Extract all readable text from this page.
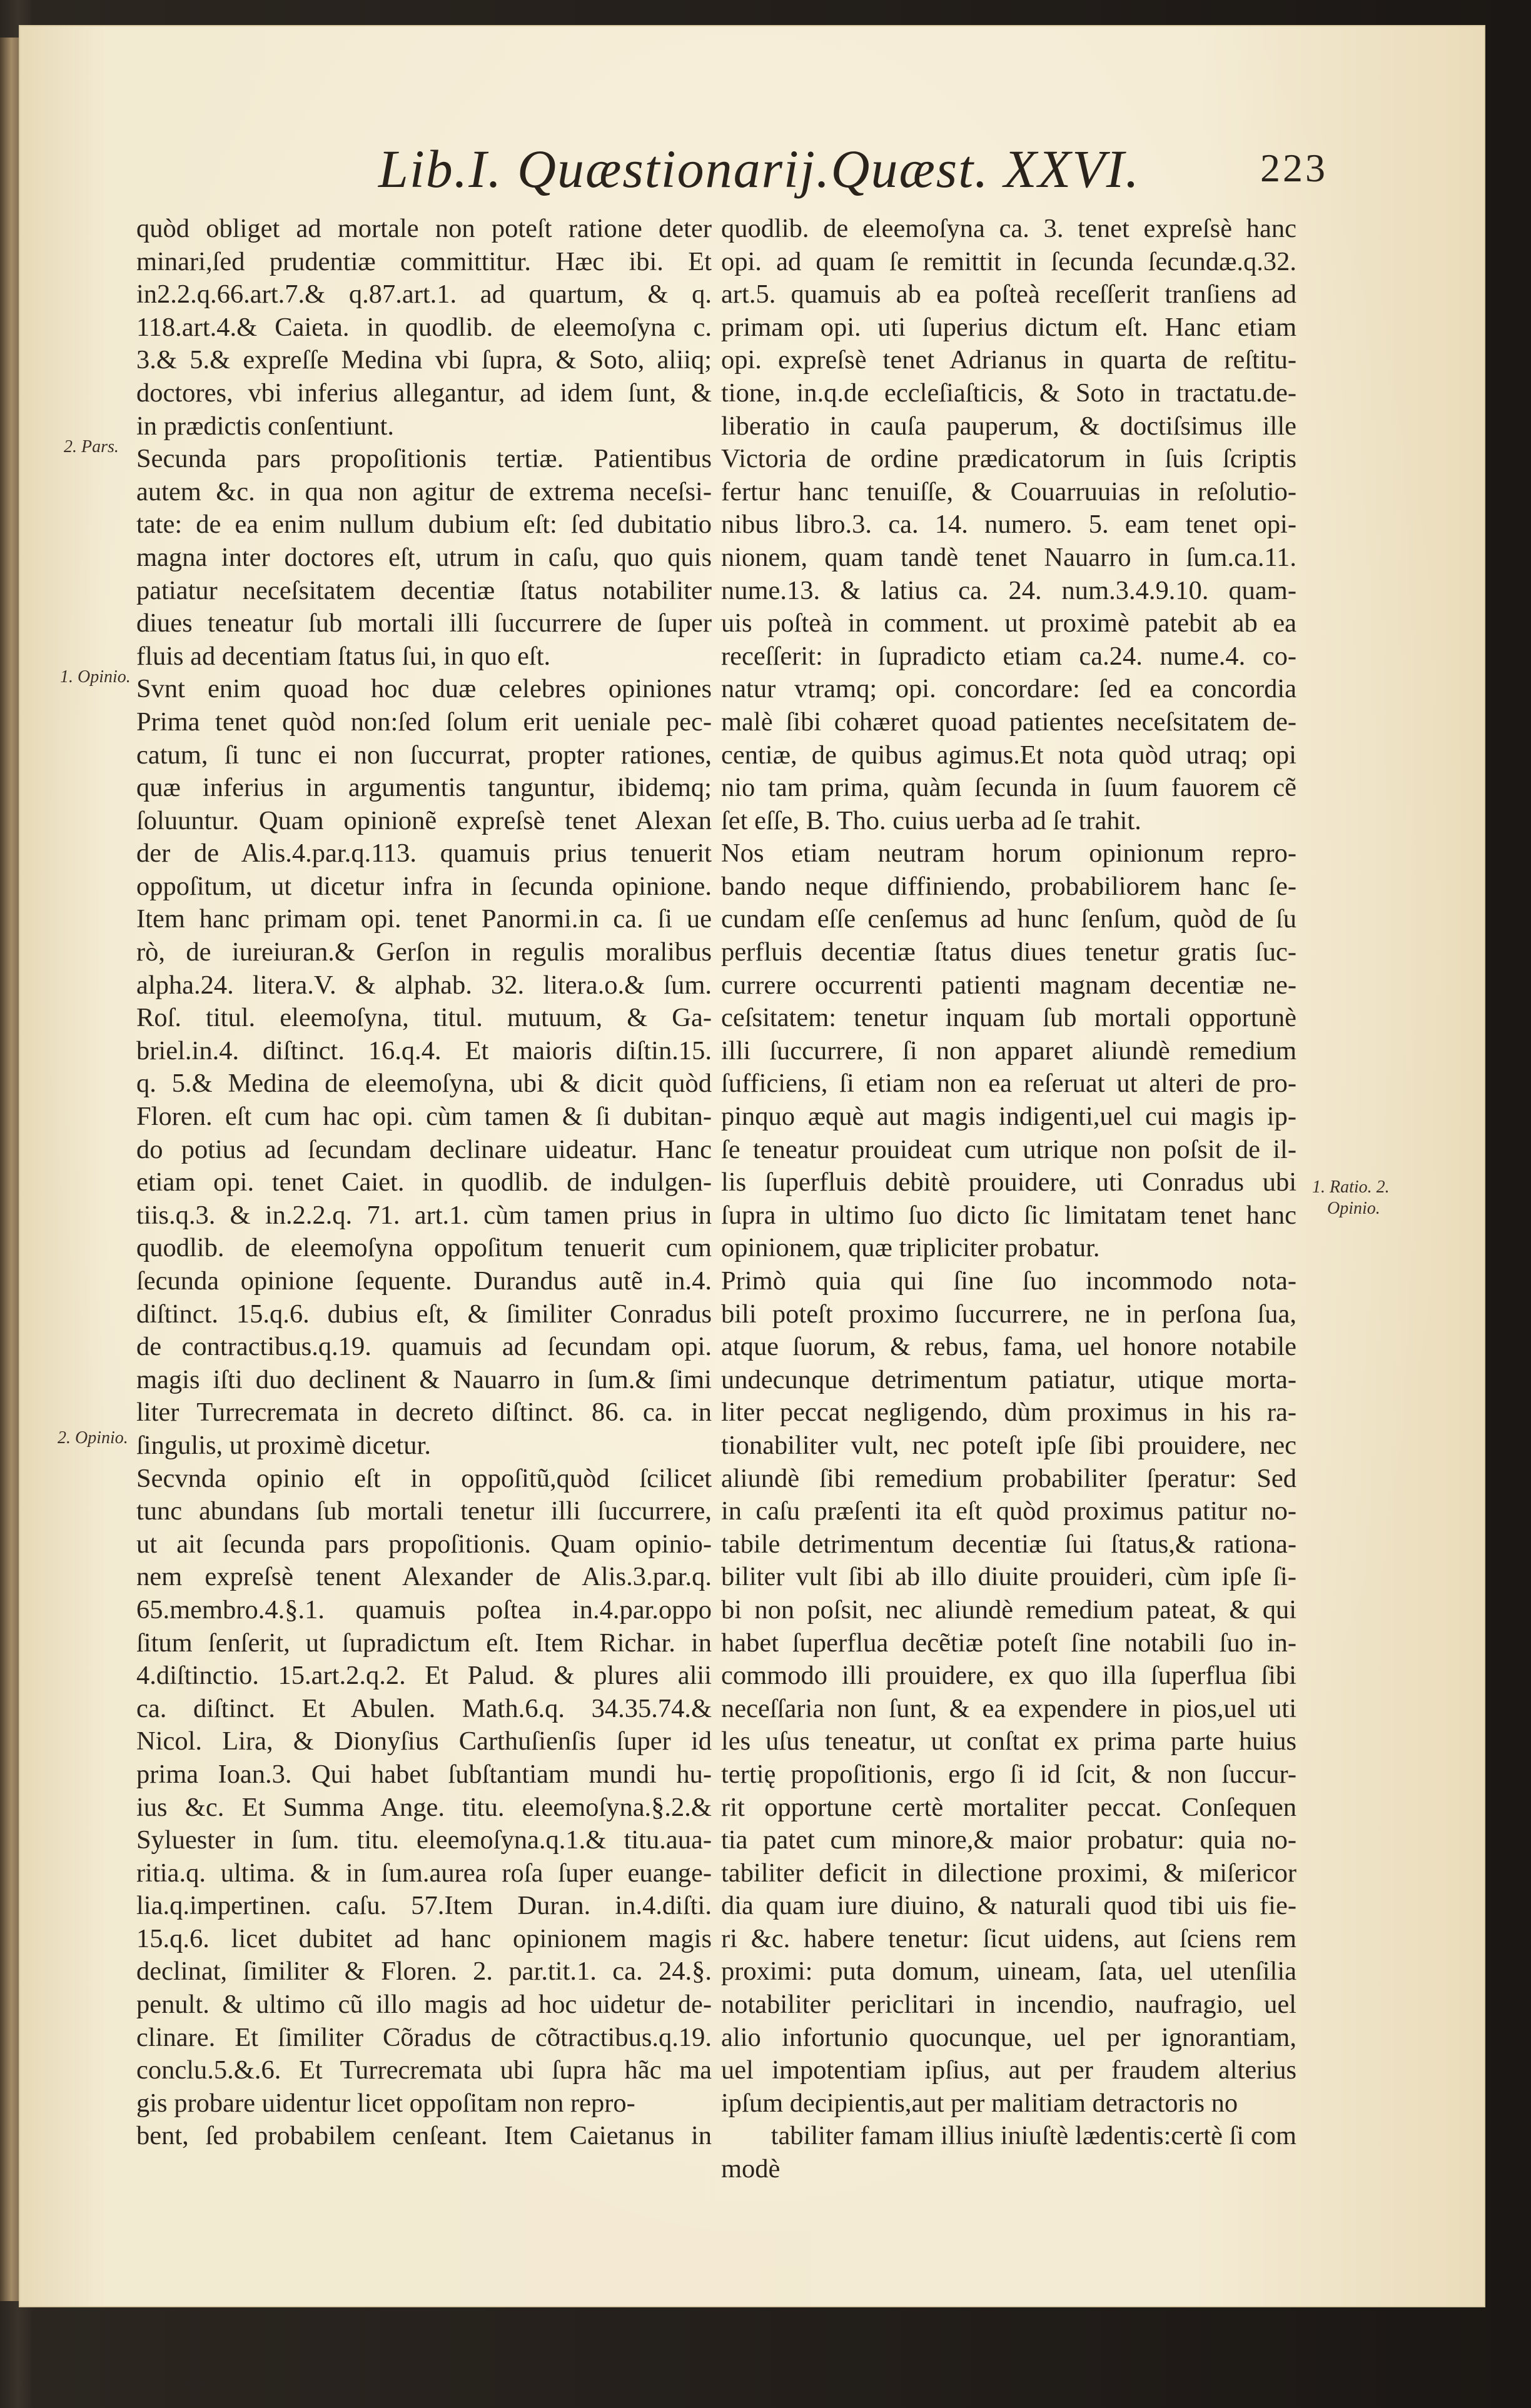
Lib.I. Quæstionarij.Quæst. XXVI.	223
2. Pars.
1. Opinio.
2. Opinio.
1. Ratio. 2.
Opinio.
quòd obliget ad mortale non poteſt ratione deter
minari,ſed prudentiæ committitur. Hæc ibi. Et
in2.2.q.66.art.7.& q.87.art.1. ad quartum, & q.
118.art.4.& Caieta. in quodlib. de eleemoſyna c.
3.& 5.& expreſſe Medina vbi ſupra, & Soto, aliiq;
doctores, vbi inferius allegantur, ad idem ſunt, &
in prædictis conſentiunt.
Secunda pars propoſitionis tertiæ. Patientibus
autem &c. in qua non agitur de extrema neceſsi-
tate: de ea enim nullum dubium eſt: ſed dubitatio
magna inter doctores eſt, utrum in caſu, quo quis
patiatur neceſsitatem decentiæ ſtatus notabiliter
diues teneatur ſub mortali illi ſuccurrere de ſuper
fluis ad decentiam ſtatus ſui, in quo eſt.
Svnt enim quoad hoc duæ celebres opiniones
Prima tenet quòd non:ſed ſolum erit ueniale pec-
catum, ſi tunc ei non ſuccurrat, propter rationes,
quæ inferius in argumentis tanguntur, ibidemq;
ſoluuntur. Quam opinionẽ expreſsè tenet Alexan
der de Alis.4.par.q.113. quamuis prius tenuerit
oppoſitum, ut dicetur infra in ſecunda opinione.
Item hanc primam opi. tenet Panormi.in ca. ſi ue
rò, de iureiuran.& Gerſon in regulis moralibus
alpha.24. litera.V. & alphab. 32. litera.o.& ſum.
Roſ. titul. eleemoſyna, titul. mutuum, & Ga-
briel.in.4. diſtinct. 16.q.4. Et maioris diſtin.15.
q. 5.& Medina de eleemoſyna, ubi & dicit quòd
Floren. eſt cum hac opi. cùm tamen & ſi dubitan-
do potius ad ſecundam declinare uideatur. Hanc
etiam opi. tenet Caiet. in quodlib. de indulgen-
tiis.q.3. & in.2.2.q. 71. art.1. cùm tamen prius in
quodlib. de eleemoſyna oppoſitum tenuerit cum
ſecunda opinione ſequente. Durandus autẽ in.4.
diſtinct. 15.q.6. dubius eſt, & ſimiliter Conradus
de contractibus.q.19. quamuis ad ſecundam opi.
magis iſti duo declinent & Nauarro in ſum.& ſimi
liter Turrecremata in decreto diſtinct. 86. ca. in
ſingulis, ut proximè dicetur.
Secvnda opinio eſt in oppoſitũ,quòd ſcilicet
tunc abundans ſub mortali tenetur illi ſuccurrere,
ut ait ſecunda pars propoſitionis. Quam opinio-
nem expreſsè tenent Alexander de Alis.3.par.q.
65.membro.4.§.1. quamuis poſtea in.4.par.oppo
ſitum ſenſerit, ut ſupradictum eſt. Item Richar. in
4.diſtinctio. 15.art.2.q.2. Et Palud. & plures alii
ca. diſtinct. Et Abulen. Math.6.q. 34.35.74.&
Nicol. Lira, & Dionyſius Carthuſienſis ſuper id
prima Ioan.3. Qui habet ſubſtantiam mundi hu-
ius &c. Et Summa Ange. titu. eleemoſyna.§.2.&
Syluester in ſum. titu. eleemoſyna.q.1.& titu.aua-
ritia.q. ultima. & in ſum.aurea roſa ſuper euange-
lia.q.impertinen. caſu. 57.Item Duran. in.4.diſti.
15.q.6. licet dubitet ad hanc opinionem magis
declinat, ſimiliter & Floren. 2. par.tit.1. ca. 24.§.
penult. & ultimo cũ illo magis ad hoc uidetur de-
clinare. Et ſimiliter Cõradus de cõtractibus.q.19.
conclu.5.&.6. Et Turrecremata ubi ſupra hãc ma
gis probare uidentur licet oppoſitam non repro-
bent, ſed probabilem cenſeant. Item Caietanus in
quodlib. de eleemoſyna ca. 3. tenet expreſsè hanc
opi. ad quam ſe remittit in ſecunda ſecundæ.q.32.
art.5. quamuis ab ea poſteà receſſerit tranſiens ad
primam opi. uti ſuperius dictum eſt. Hanc etiam
opi. expreſsè tenet Adrianus in quarta de reſtitu-
tione, in.q.de eccleſiaſticis, & Soto in tractatu.de-
liberatio in cauſa pauperum, & doctiſsimus ille
Victoria de ordine prædicatorum in ſuis ſcriptis
fertur hanc tenuiſſe, & Couarruuias in reſolutio-
nibus libro.3. ca. 14. numero. 5. eam tenet opi-
nionem, quam tandè tenet Nauarro in ſum.ca.11.
nume.13. & latius ca. 24. num.3.4.9.10. quam-
uis poſteà in comment. ut proximè patebit ab ea
receſſerit: in ſupradicto etiam ca.24. nume.4. co-
natur vtramq; opi. concordare: ſed ea concordia
malè ſibi cohæret quoad patientes neceſsitatem de-
centiæ, de quibus agimus.Et nota quòd utraq; opi
nio tam prima, quàm ſecunda in ſuum fauorem cẽ
ſet eſſe, B. Tho. cuius uerba ad ſe trahit.
Nos etiam neutram horum opinionum repro-
bando neque diffiniendo, probabiliorem hanc ſe-
cundam eſſe cenſemus ad hunc ſenſum, quòd de ſu
perfluis decentiæ ſtatus diues tenetur gratis ſuc-
currere occurrenti patienti magnam decentiæ ne-
ceſsitatem: tenetur inquam ſub mortali opportunè
illi ſuccurrere, ſi non apparet aliundè remedium
ſufficiens, ſi etiam non ea reſeruat ut alteri de pro-
pinquo æquè aut magis indigenti,uel cui magis ip-
ſe teneatur prouideat cum utrique non poſsit de il-
lis ſuperfluis debitè prouidere, uti Conradus ubi
ſupra in ultimo ſuo dicto ſic limitatam tenet hanc
opinionem, quæ tripliciter probatur.
Primò quia qui ſine ſuo incommodo nota-
bili poteſt proximo ſuccurrere, ne in perſona ſua,
atque ſuorum, & rebus, fama, uel honore notabile
undecunque detrimentum patiatur, utique morta-
liter peccat negligendo, dùm proximus in his ra-
tionabiliter vult, nec poteſt ipſe ſibi prouidere, nec
aliundè ſibi remedium probabiliter ſperatur: Sed
in caſu præſenti ita eſt quòd proximus patitur no-
tabile detrimentum decentiæ ſui ſtatus,& rationa-
biliter vult ſibi ab illo diuite prouideri, cùm ipſe ſi-
bi non poſsit, nec aliundè remedium pateat, & qui
habet ſuperflua decẽtiæ poteſt ſine notabili ſuo in-
commodo illi prouidere, ex quo illa ſuperflua ſibi
neceſſaria non ſunt, & ea expendere in pios,uel uti
les uſus teneatur, ut conſtat ex prima parte huius
tertię propoſitionis, ergo ſi id ſcit, & non ſuccur-
rit opportune certè mortaliter peccat. Conſequen
tia patet cum minore,& maior probatur: quia no-
tabiliter deficit in dilectione proximi, & miſericor
dia quam iure diuino, & naturali quod tibi uis fie-
ri &c. habere tenetur: ſicut uidens, aut ſciens rem
proximi: puta domum, uineam, ſata, uel utenſilia
notabiliter periclitari in incendio, naufragio, uel
alio infortunio quocunque, uel per ignorantiam,
uel impotentiam ipſius, aut per fraudem alterius
ipſum decipientis,aut per malitiam detractoris no
tabiliter famam illius iniuſtè lædentis:certè ſi com
modè
